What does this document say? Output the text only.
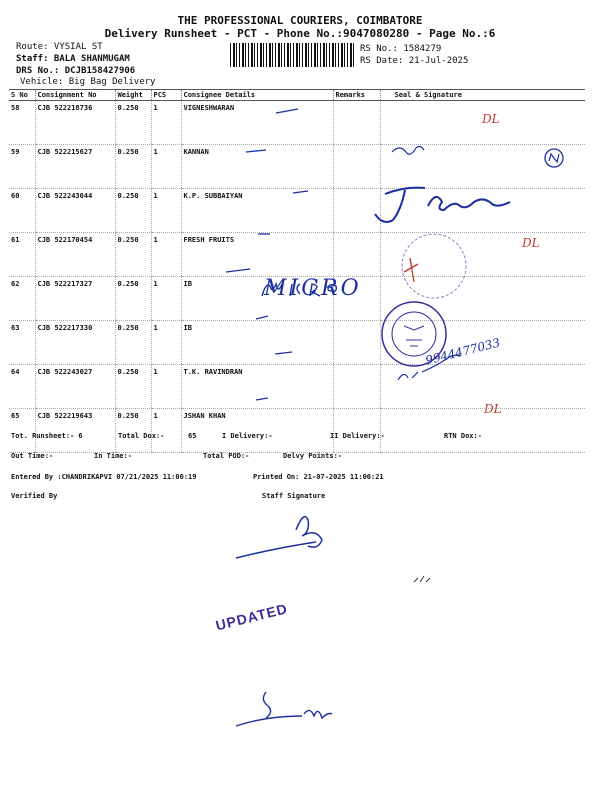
THE PROFESSIONAL COURIERS, COIMBATORE
Delivery Runsheet - PCT - Phone No.:9047080280 - Page No.:6
Route: VYSIAL ST
Staff: BALA SHANMUGAM
DRS No.: DCJB158427906
Vehicle: Big Bag Delivery
RS No.: 1584279
RS Date: 21-Jul-2025
S No	Consignment No	Weight	PCS	Consignee Details	Remarks	Seal & Signature
58	CJB 522218736	0.250	1	VIGNESHWARAN		
59	CJB 522215627	0.250	1	KANNAN		
60	CJB 522243044	0.250	1	K.P. SUBBAIYAN		
61	CJB 522170454	0.250	1	FRESH FRUITS		
62	CJB 522217327	0.250	1	IB		
63	CJB 522217330	0.250	1	IB		
64	CJB 522243027	0.250	1	T.K. RAVINDRAN		
65	CJB 522219643	0.250	1	JSHAN KHAN		
Tot. Runsheet:- 6	Total Dox:-	65	I Delivery:-	II Delivery:-	RTN Dox:-
Out Time:-	In Time:-	Total POD:-	Delvy Points:-
Entered By :CHANDRIKAPVI 07/21/2025 11:00:19	Printed On: 21-07-2025 11:00:21
Verified By	Staff Signature
DL
DL
DL
MICRO
9944477033
UPDATED
